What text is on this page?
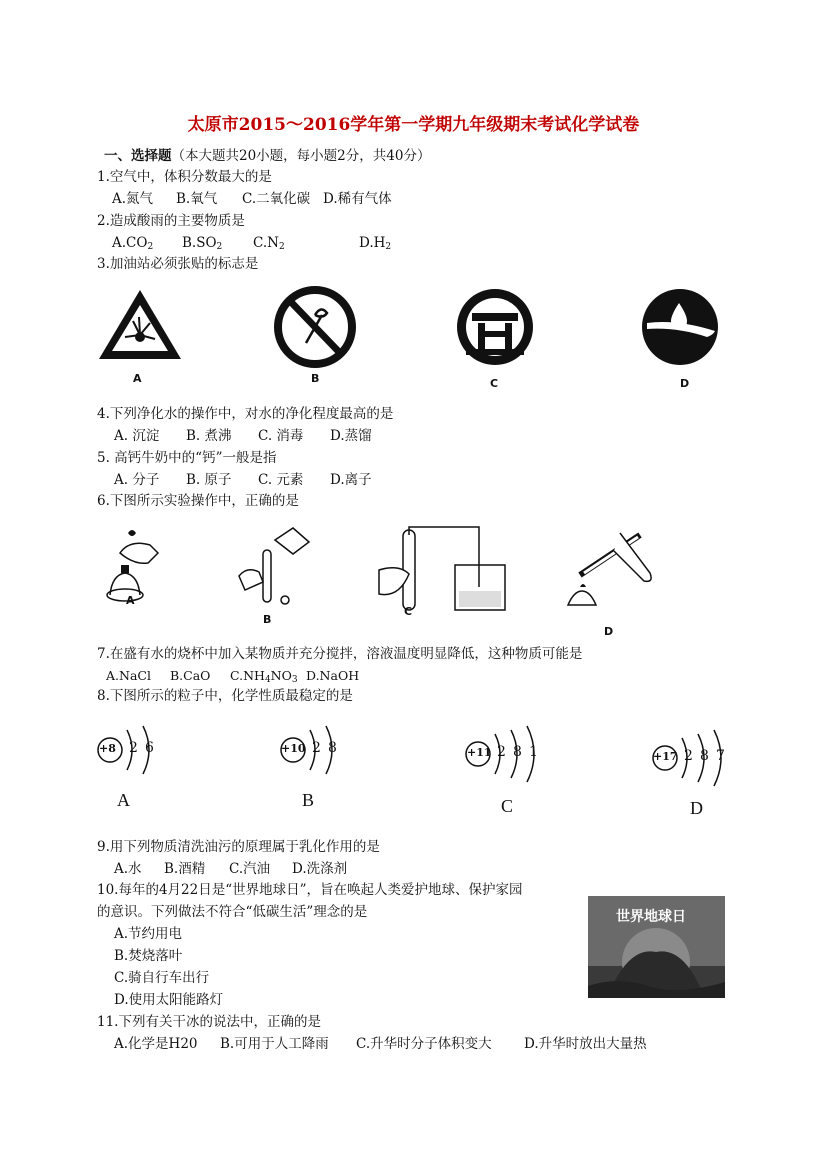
太原市2015～2016学年第一学期九年级期末考试化学试卷
一、选择题（本大题共20小题，每小题2分，共40分）
1.空气中，体积分数最大的是
A.氮气 B.氧气 C.二氧化碳 D.稀有气体
2.造成酸雨的主要物质是
$A.CO_2$ $B.SO_2$ $C.N_2$	$D.H_2$
3.加油站必须张贴的标志是
A	B	C	D
4.下列净化水的操作中，对水的净化程度最高的是
A. 沉淀 B. 煮沸 C. 消毒 D.蒸馏
5. 高钙牛奶中的“钙”一般是指
A. 分子 B. 原子 C. 元素 D.离子
6.下图所示实验操作中，正确的是
A
B
C
D
7.在盛有水的烧杯中加入某物质并充分搅拌，溶液温度明显降低，这种物质可能是
A.NaCl B.CaO $C.NH_4NO_3$ D.NaOH
8.下图所示的粒子中，化学性质最稳定的是
+8 2 6
A
+10 2 8
B
+11 2 8 1
C
+17 2 8 7
D
9.用下列物质清洗油污的原理属于乳化作用的是
A.水 B.酒精 C.汽油 D.洗涤剂
10.每年的4月22日是“世界地球日”，旨在唤起人类爱护地球、保护家园
的意识。下列做法不符合“低碳生活”理念的是
A.节约用电
B.焚烧落叶
C.骑自行车出行
D.使用太阳能路灯
世界地球日
11.下列有关干冰的说法中，正确的是
A.化学是H20 B.可用于人工降雨 C.升华时分子体积变大 D.升华时放出大量热
